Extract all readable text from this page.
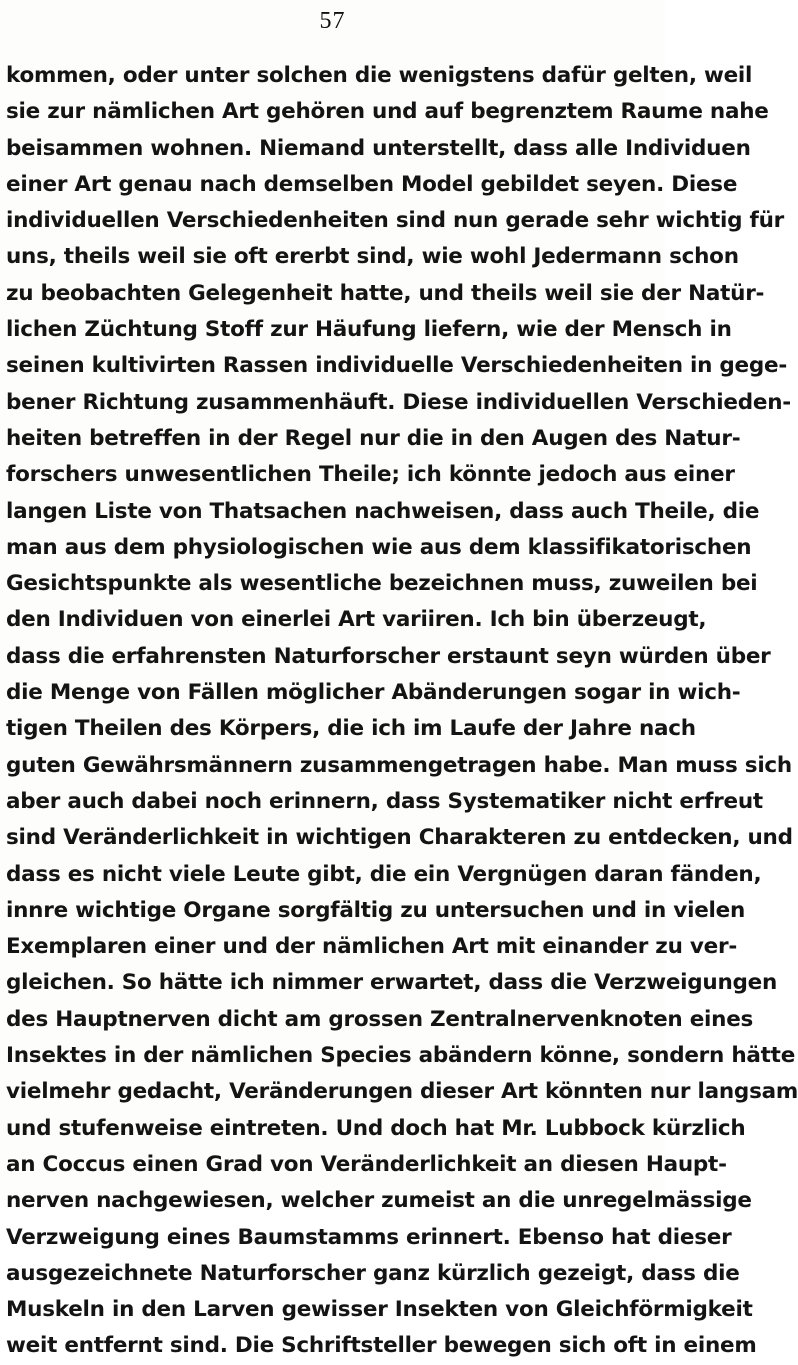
57
kommen, oder unter solchen die wenigstens dafür gelten, weil
sie zur nämlichen Art gehören und auf begrenztem Raume nahe
beisammen wohnen. Niemand unterstellt, dass alle Individuen
einer Art genau nach demselben Model gebildet seyen. Diese
individuellen Verschiedenheiten sind nun gerade sehr wichtig für
uns, theils weil sie oft ererbt sind, wie wohl Jedermann schon
zu beobachten Gelegenheit hatte, und theils weil sie der Natür-
lichen Züchtung Stoff zur Häufung liefern, wie der Mensch in
seinen kultivirten Rassen individuelle Verschiedenheiten in gege-
bener Richtung zusammenhäuft. Diese individuellen Verschieden-
heiten betreffen in der Regel nur die in den Augen des Natur-
forschers unwesentlichen Theile; ich könnte jedoch aus einer
langen Liste von Thatsachen nachweisen, dass auch Theile, die
man aus dem physiologischen wie aus dem klassifikatorischen
Gesichtspunkte als wesentliche bezeichnen muss, zuweilen bei
den Individuen von einerlei Art variiren. Ich bin überzeugt,
dass die erfahrensten Naturforscher erstaunt seyn würden über
die Menge von Fällen möglicher Abänderungen sogar in wich-
tigen Theilen des Körpers, die ich im Laufe der Jahre nach
guten Gewährsmännern zusammengetragen habe. Man muss sich
aber auch dabei noch erinnern, dass Systematiker nicht erfreut
sind Veränderlichkeit in wichtigen Charakteren zu entdecken, und
dass es nicht viele Leute gibt, die ein Vergnügen daran fänden,
innre wichtige Organe sorgfältig zu untersuchen und in vielen
Exemplaren einer und der nämlichen Art mit einander zu ver-
gleichen. So hätte ich nimmer erwartet, dass die Verzweigungen
des Hauptnerven dicht am grossen Zentralnervenknoten eines
Insektes in der nämlichen Species abändern könne, sondern hätte
vielmehr gedacht, Veränderungen dieser Art könnten nur langsam
und stufenweise eintreten. Und doch hat Mr. Lubbock kürzlich
an Coccus einen Grad von Veränderlichkeit an diesen Haupt-
nerven nachgewiesen, welcher zumeist an die unregelmässige
Verzweigung eines Baumstamms erinnert. Ebenso hat dieser
ausgezeichnete Naturforscher ganz kürzlich gezeigt, dass die
Muskeln in den Larven gewisser Insekten von Gleichförmigkeit
weit entfernt sind. Die Schriftsteller bewegen sich oft in einem
